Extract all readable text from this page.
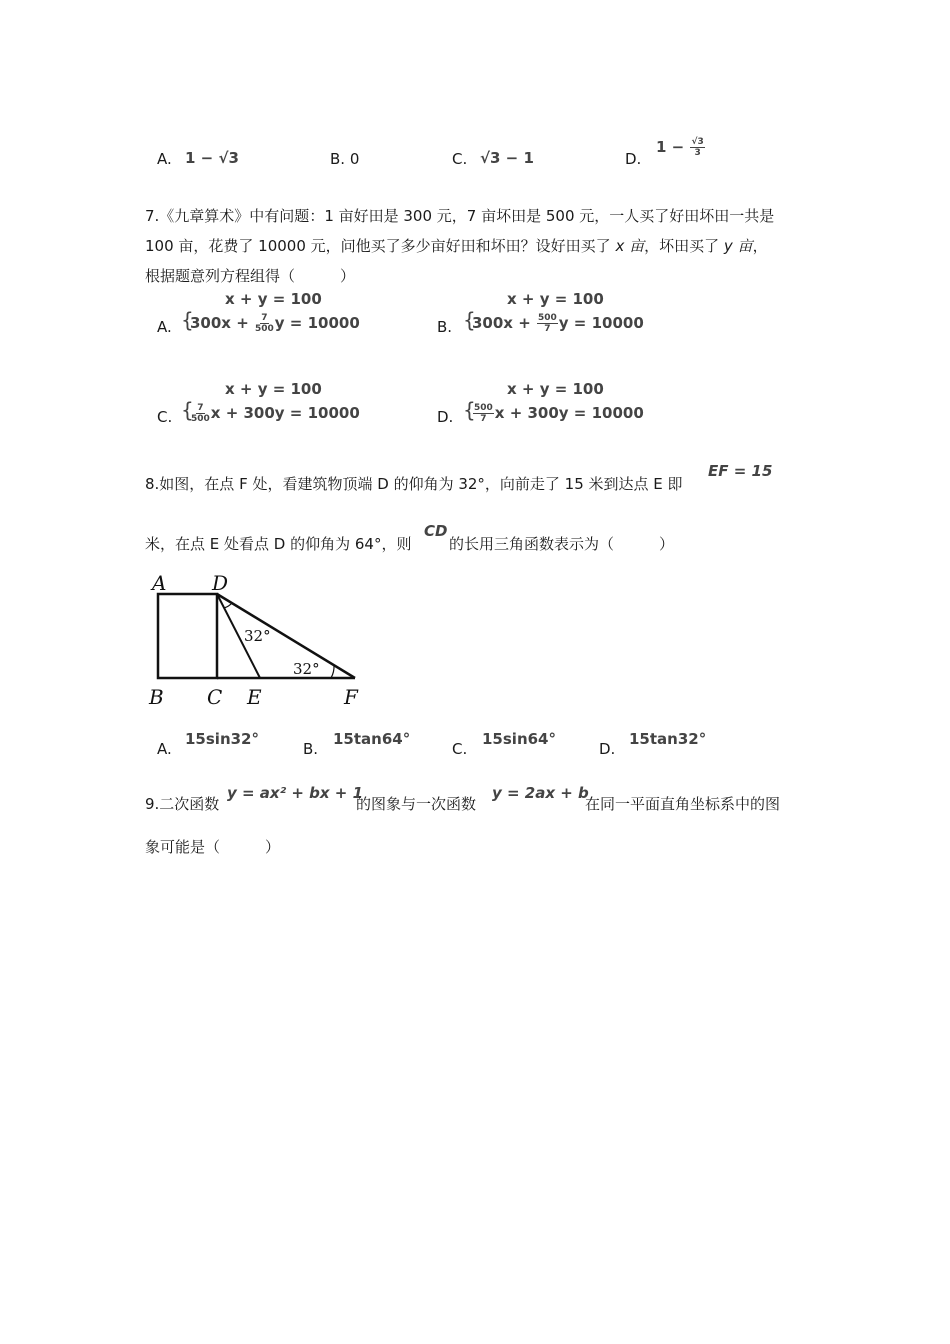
A. 1 − √3	B. 0	C. √3 − 1	D.
$1 - \frac{√3}{3}$
7.《九章算术》中有问题：1 亩好田是 300 元，7 亩坏田是 500 元，一人买了好田坏田一共是
100 亩，花费了 10000 元，问他买了多少亩好田和坏田？设好田买了 x 亩，坏田买了 y 亩，
根据题意列方程组得（　　　）
A.
x + y = 100
{
$300x + \frac{7}{500}$ y = 10000	B.
x + y = 100
{
$300x + \frac{500}{7}$ y = 10000
C.
x + y = 100
{
$\frac{7}{500}$ x + 300y = 10000	D.
x + y = 100
{
$\frac{500}{7}$ x + 300y = 10000
8.如图，在点 F 处，看建筑物顶端 D 的仰角为 32°，向前走了 15 米到达点 E 即
EF = 15
米，在点 E 处看点 D 的仰角为 64°，则
CD
的长用三角函数表示为（　　　）
A D
B C E	F
32°
32°
A.
15sin32°
B.
15tan64°
C.
15sin64°
D.
15tan32°
9.二次函数
y = ax² + bx + 1
的图象与一次函数
y = 2ax + b
在同一平面直角坐标系中的图
象可能是（　　　）
